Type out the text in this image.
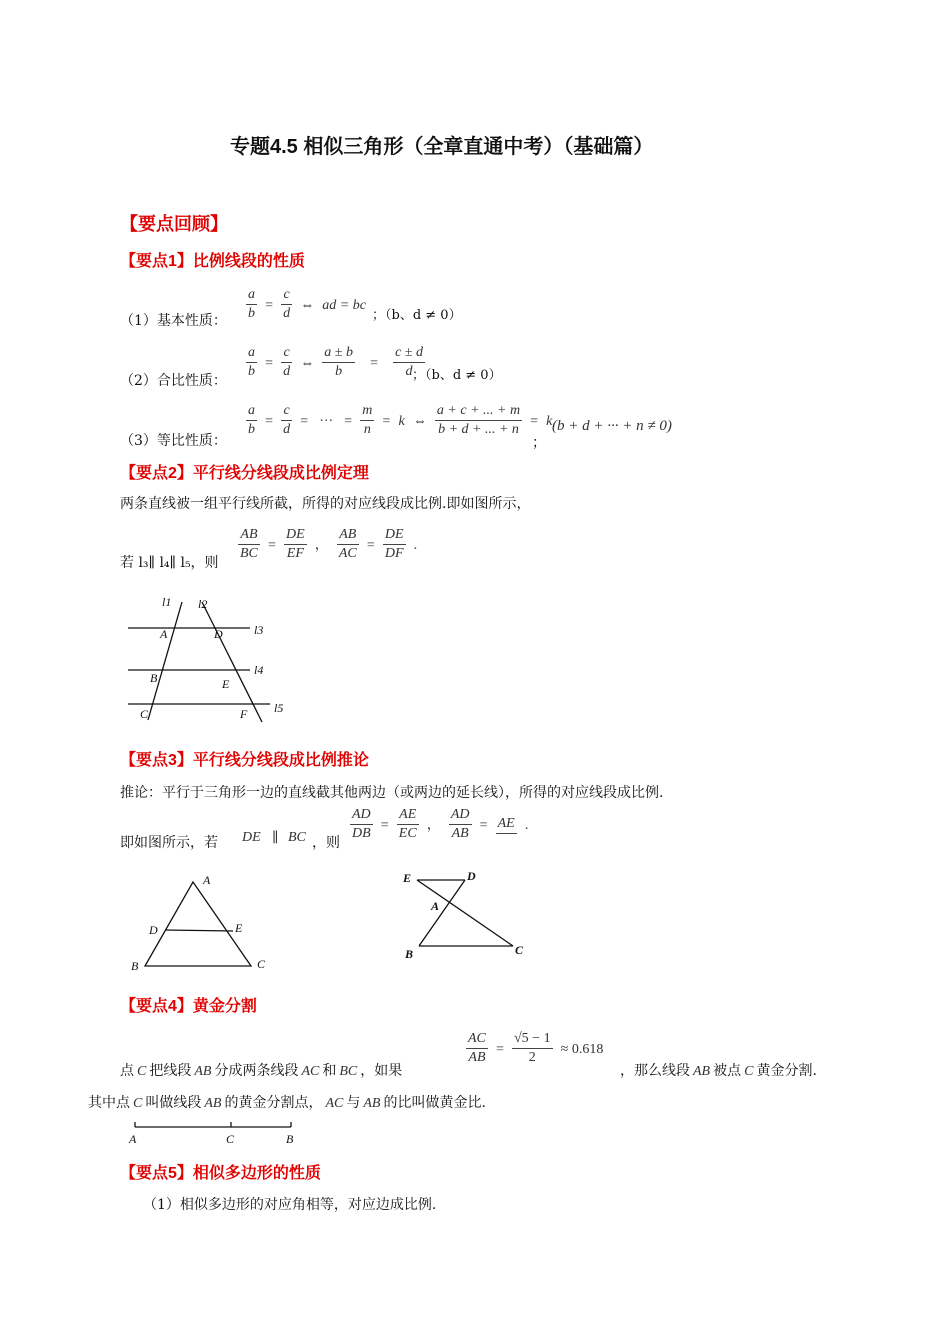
专题4.5 相似三角形（全章直通中考）（基础篇）
【要点回顾】
【要点1】比例线段的性质
（1）基本性质： $\frac{a}{b} = \frac{c}{d}$ ⇔ ad = bc
；（b、d ≠ 0）
（2）合比性质： $\frac{a}{b} = \frac{c}{d}$ ⇔ $\frac{a \pm b}{b} = \frac{c \pm d}{d}$
；（b、d ≠ 0）
（3）等比性质：
$\frac{a}{b} = \frac{c}{d}$ = ··· = $\frac{m}{n} = k$ ⇔ $\frac{a + c + ... + m}{b + d + ... + n} = k$
；
(b + d + ··· + n ≠ 0)
【要点2】平行线分线段成比例定理
两条直线被一组平行线所截，所得的对应线段成比例.即如图所示，
若 l₃∥ l₄∥ l₅，则 $\frac{AB}{BC} = \frac{DE}{EF}$ ， $\frac{AB}{AC} = \frac{DE}{DF}$ .
l1 l2
l3
l4
l5
A	D
B	E
C	F
【要点3】平行线分线段成比例推论
推论：平行于三角形一边的直线截其他两边（或两边的延长线），所得的对应线段成比例.
即如图所示，若 DE ∥ BC ，则 $\frac{AD}{DB} = \frac{AE}{EC}$ ， $\frac{AD}{AB}$ = AE .
A
D	E
B	C
E	D
A
B	C
【要点4】黄金分割
$\frac{AC}{AB} = \frac{√5 - 1}{2} \approx 0.618$
点 C 把线段 AB 分成两条线段 AC 和 BC ，如果	，那么线段 AB 被点 C 黄金分割.
其中点 C 叫做线段 AB 的黄金分割点， AC 与 AB 的比叫做黄金比.
A	C	B
【要点5】相似多边形的性质
（1）相似多边形的对应角相等，对应边成比例.
